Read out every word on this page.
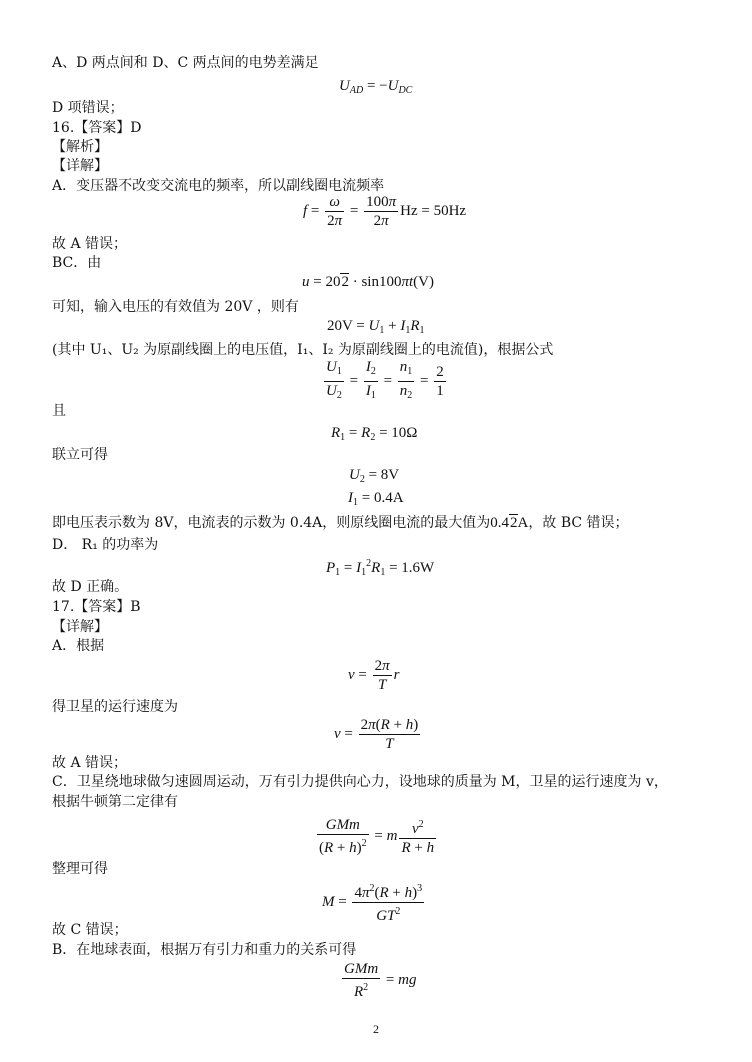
A、D 两点间和 D、C 两点间的电势差满足
D 项错误；
16.【答案】D
【解析】
【详解】
A．变压器不改变交流电的频率，所以副线圈电流频率
故 A 错误；
BC．由
可知，输入电压的有效值为 20V ，则有
(其中 U₁、U₂ 为原副线圈上的电压值，I₁、I₂ 为原副线圈上的电流值)，根据公式
且
联立可得
即电压表示数为 8V，电流表的示数为 0.4A，则原线圈电流的最大值为0.42A，故 BC 错误；
D． R₁ 的功率为
故 D 正确。
17.【答案】B
【详解】
A．根据
得卫星的运行速度为
故 A 错误；
C．卫星绕地球做匀速圆周运动，万有引力提供向心力，设地球的质量为 M，卫星的运行速度为 v，
根据牛顿第二定律有
整理可得
故 C 错误；
B．在地球表面，根据万有引力和重力的关系可得
$U_{AD} = -U_{DC}$
$f = \frac{\omega}{2\pi} = \frac{100\pi}{2\pi}$ Hz = 50Hz
u = 202 · sin100πt(V)
$20V = U_1 + I_1R_1$
$\frac{U_1}{U_2} = \frac{I_2}{I_1} = \frac{n_1}{n_2} = \frac{2}{1}$
$R_1 = R_2 = 10\Omega$
$U_2 = 8V$
$I_1 = 0.4A$
$P_1 = I_1^2R_1 = 1.6W$
$v = \frac{2\pi}{T}$ r
$v = \frac{2\pi(R + h)}{T}$
GMm
$(R + h)^2 = m \frac{v^2}{R + h}$
$M = \frac{4\pi^2(R + h)^3}{GT^2}$
GMm
$R^2$ = mg
2
